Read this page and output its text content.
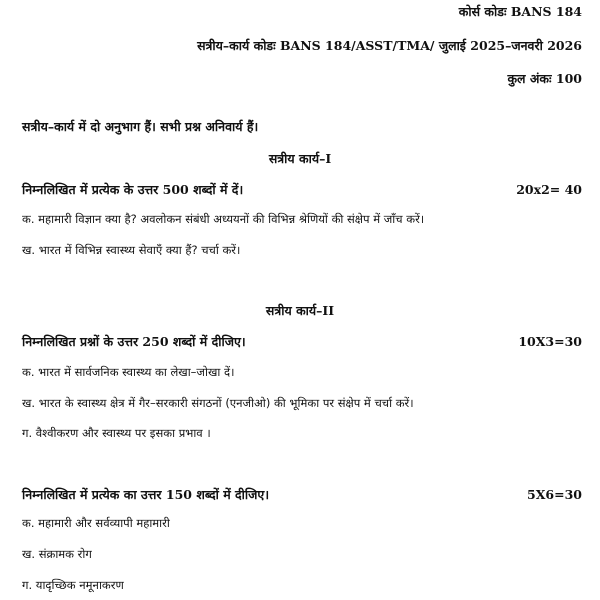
कोर्स कोडः BANS 184
सत्रीय–कार्य कोडः BANS 184/ASST/TMA/ जुलाई 2025–जनवरी 2026
कुल अंकः 100
सत्रीय–कार्य में दो अनुभाग हैं। सभी प्रश्न अनिवार्य हैं।
सत्रीय कार्य–I
निम्नलिखित में प्रत्येक के उत्तर 500 शब्दों में दें।	20x2= 40
क. महामारी विज्ञान क्या है? अवलोकन संबंधी अध्ययनों की विभिन्न श्रेणियों की संक्षेप में जाँच करें।
ख. भारत में विभिन्न स्वास्थ्य सेवाएँ क्या हैं? चर्चा करें।
सत्रीय कार्य–II
निम्नलिखित प्रश्नों के उत्तर 250 शब्दों में दीजिए।	10X3=30
क. भारत में सार्वजनिक स्वास्थ्य का लेखा–जोखा दें।
ख. भारत के स्वास्थ्य क्षेत्र में गैर–सरकारी संगठनों (एनजीओ) की भूमिका पर संक्षेप में चर्चा करें।
ग. वैश्वीकरण और स्वास्थ्य पर इसका प्रभाव ।
निम्नलिखित में प्रत्येक का उत्तर 150 शब्दों में दीजिए।	5X6=30
क. महामारी और सर्वव्यापी महामारी
ख. संक्रामक रोग
ग. यादृच्छिक नमूनाकरण
